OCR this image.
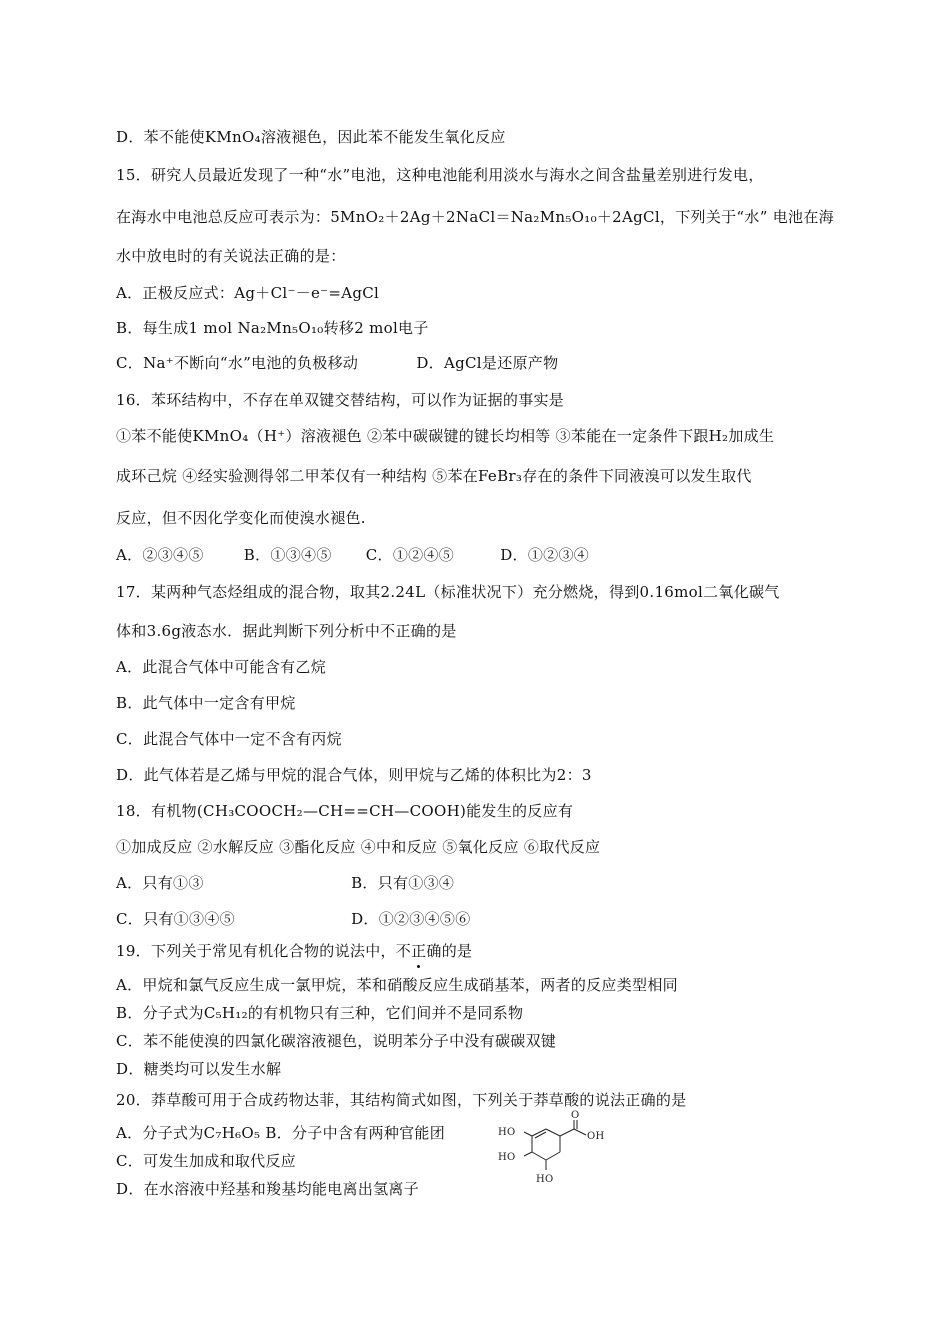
D．苯不能使KMnO₄溶液褪色，因此苯不能发生氧化反应
15．研究人员最近发现了一种“水”电池，这种电池能利用淡水与海水之间含盐量差别进行发电，
在海水中电池总反应可表示为：5MnO₂＋2Ag＋2NaCl＝Na₂Mn₅O₁₀＋2AgCl，下列关于“水” 电池在海
水中放电时的有关说法正确的是：
A．正极反应式：Ag＋Cl⁻－e⁻=AgCl
B．每生成1 mol Na₂Mn₅O₁₀转移2 mol电子
C．Na⁺不断向“水”电池的负极移动	D．AgCl是还原产物
16．苯环结构中，不存在单双键交替结构，可以作为证据的事实是
①苯不能使KMnO₄（H⁺）溶液褪色 ②苯中碳碳键的键长均相等 ③苯能在一定条件下跟H₂加成生
成环己烷 ④经实验测得邻二甲苯仅有一种结构 ⑤苯在FeBr₃存在的条件下同液溴可以发生取代
反应，但不因化学变化而使溴水褪色.
A．②③④⑤	B．①③④⑤ C．①②④⑤	D．①②③④
17．某两种气态烃组成的混合物，取其2.24L（标准状况下）充分燃烧，得到0.16mol二氧化碳气
体和3.6g液态水．据此判断下列分析中不正确的是
A．此混合气体中可能含有乙烷
B．此气体中一定含有甲烷
C．此混合气体中一定不含有丙烷
D．此气体若是乙烯与甲烷的混合气体，则甲烷与乙烯的体积比为2：3
18．有机物(CH₃COOCH₂—CH==CH—COOH)能发生的反应有
①加成反应 ②水解反应 ③酯化反应 ④中和反应 ⑤氧化反应 ⑥取代反应
A．只有①③	B．只有①③④
C．只有①③④⑤	D．①②③④⑤⑥
19．下列关于常见有机化合物的说法中，不正确的是
A．甲烷和氯气反应生成一氯甲烷，苯和硝酸反应生成硝基苯，两者的反应类型相同
B．分子式为C₅H₁₂的有机物只有三种，它们间并不是同系物
C．苯不能使溴的四氯化碳溶液褪色，说明苯分子中没有碳碳双键
D．糖类均可以发生水解
20．莽草酸可用于合成药物达菲，其结构简式如图，下列关于莽草酸的说法正确的是
A．分子式为C₇H₆O₅ B．分子中含有两种官能团
C．可发生加成和取代反应
D．在水溶液中羟基和羧基均能电离出氢离子
HO
HO
HO
OH
O
